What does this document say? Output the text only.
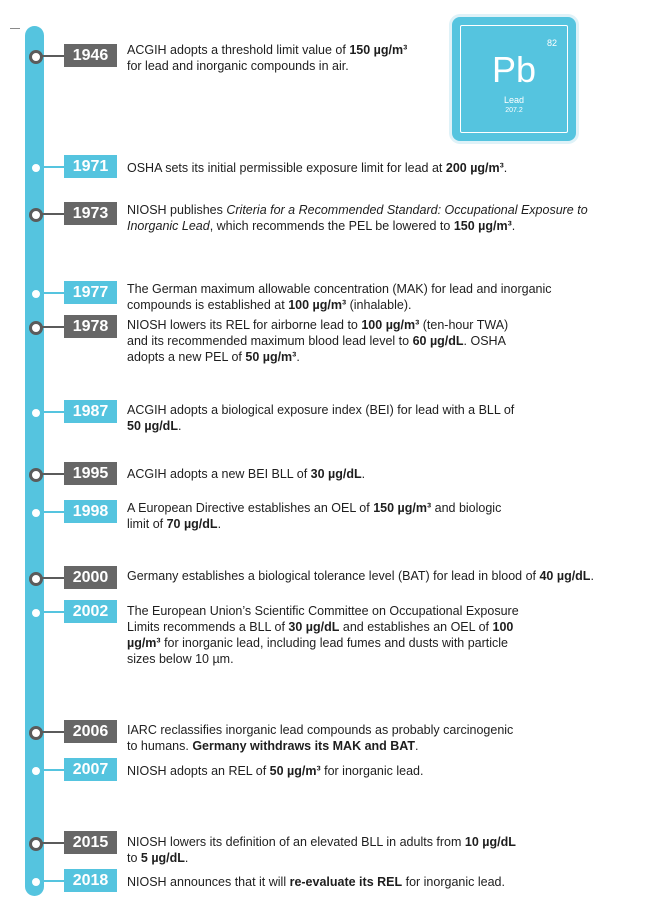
82
Pb
Lead
207.2
1946	ACGIH adopts a threshold limit value of 150 µg/m³
for lead and inorganic compounds in air.
1971	OSHA sets its initial permissible exposure limit for lead at 200 µg/m³.
1973	NIOSH publishes Criteria for a Recommended Standard: Occupational Exposure to
Inorganic Lead, which recommends the PEL be lowered to 150 µg/m³.
1977	The German maximum allowable concentration (MAK) for lead and inorganic
compounds is established at 100 µg/m³ (inhalable).
1978	NIOSH lowers its REL for airborne lead to 100 µg/m³ (ten-hour TWA)
and its recommended maximum blood lead level to 60 µg/dL. OSHA
adopts a new PEL of 50 µg/m³.
1987	ACGIH adopts a biological exposure index (BEI) for lead with a BLL of
50 µg/dL.
1995	ACGIH adopts a new BEI BLL of 30 µg/dL.
1998	A European Directive establishes an OEL of 150 µg/m³ and biologic
limit of 70 µg/dL.
2000	Germany establishes a biological tolerance level (BAT) for lead in blood of 40 µg/dL.
2002	The European Union’s Scientific Committee on Occupational Exposure
Limits recommends a BLL of 30 µg/dL and establishes an OEL of 100
µg/m³ for inorganic lead, including lead fumes and dusts with particle
sizes below 10 µm.
2006	IARC reclassifies inorganic lead compounds as probably carcinogenic
to humans. Germany withdraws its MAK and BAT.
2007	NIOSH adopts an REL of 50 µg/m³ for inorganic lead.
2015	NIOSH lowers its definition of an elevated BLL in adults from 10 µg/dL
to 5 µg/dL.
2018	NIOSH announces that it will re-evaluate its REL for inorganic lead.
